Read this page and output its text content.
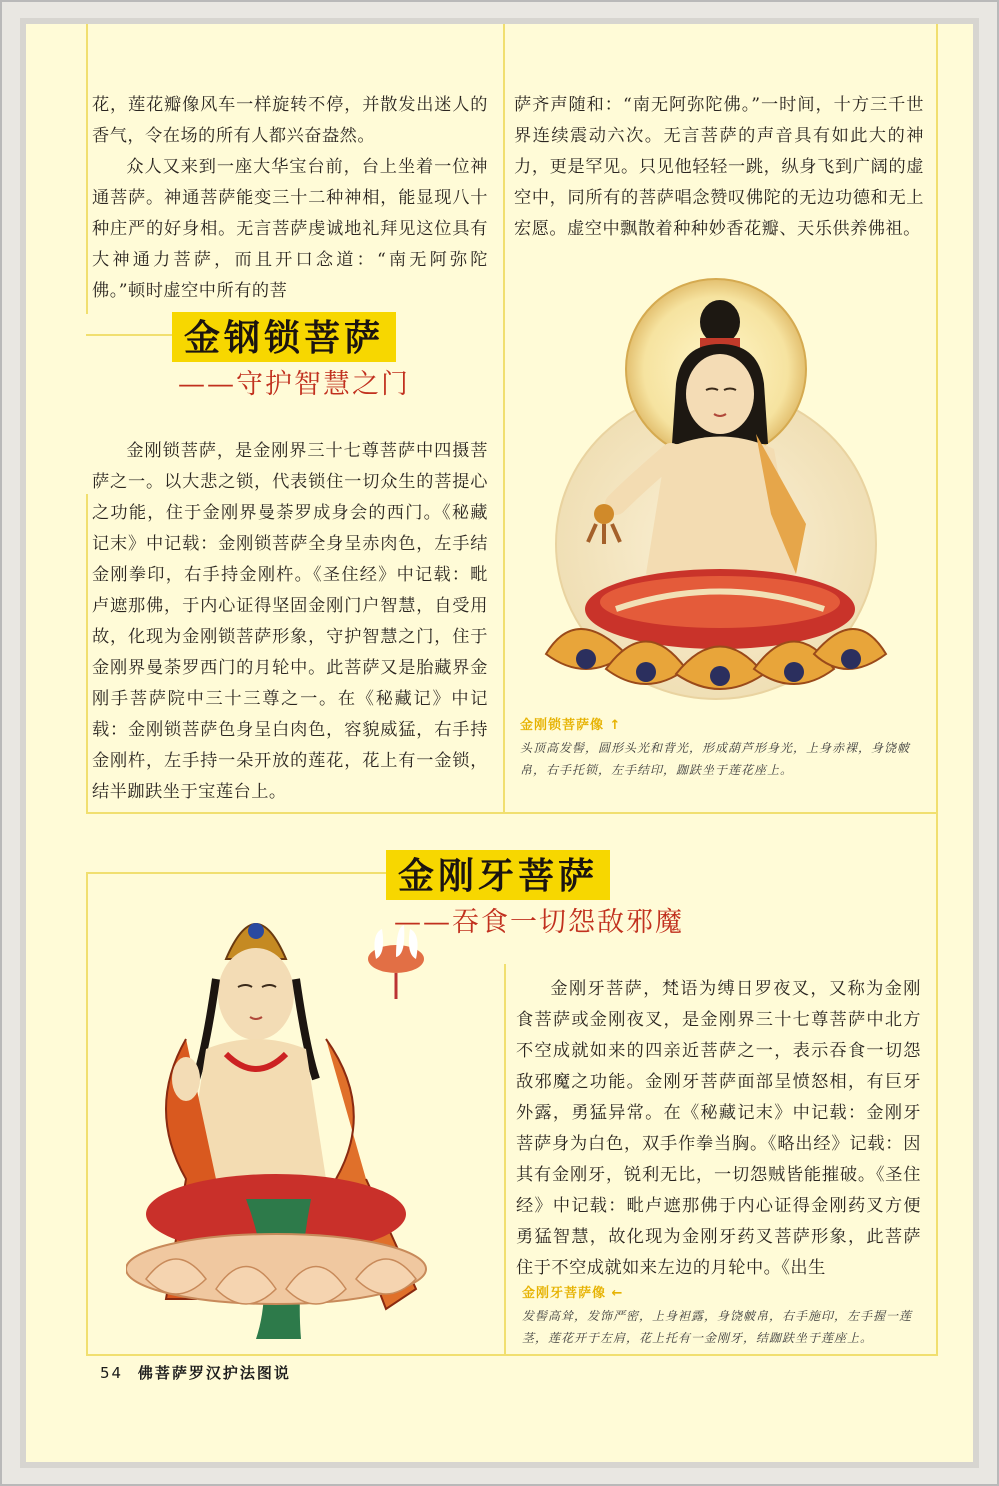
花，莲花瓣像风车一样旋转不停，并散发出迷人的香气，令在场的所有人都兴奋盎然。

众人又来到一座大华宝台前，台上坐着一位神通菩萨。神通菩萨能变三十二种神相，能显现八十种庄严的好身相。无言菩萨虔诚地礼拜见这位具有大神通力菩萨，而且开口念道：“南无阿弥陀佛。”顿时虚空中所有的菩

萨齐声随和：“南无阿弥陀佛。”一时间，十方三千世界连续震动六次。无言菩萨的声音具有如此大的神力，更是罕见。只见他轻轻一跳，纵身飞到广阔的虚空中，同所有的菩萨唱念赞叹佛陀的无边功德和无上宏愿。虚空中飘散着种种妙香花瓣、天乐供养佛祖。

金钢锁菩萨
——守护智慧之门

金刚锁菩萨，是金刚界三十七尊菩萨中四摄菩萨之一。以大悲之锁，代表锁住一切众生的菩提心之功能，住于金刚界曼荼罗成身会的西门。《秘藏记末》中记载：金刚锁菩萨全身呈赤肉色，左手结金刚拳印，右手持金刚杵。《圣住经》中记载：毗卢遮那佛，于内心证得坚固金刚门户智慧，自受用故，化现为金刚锁菩萨形象，守护智慧之门，住于金刚界曼荼罗西门的月轮中。此菩萨又是胎藏界金刚手菩萨院中三十三尊之一。在《秘藏记》中记载：金刚锁菩萨色身呈白肉色，容貌威猛，右手持金刚杵，左手持一朵开放的莲花，花上有一金锁，结半跏趺坐于宝莲台上。

金刚锁菩萨像 ↑

头顶高发髻，圆形头光和背光，形成葫芦形身光，上身赤裸，身饶帔帛，右手托锁，左手结印，跏趺坐于莲花座上。

金刚牙菩萨
——吞食一切怨敌邪魔

金刚牙菩萨，梵语为缚日罗夜叉，又称为金刚食菩萨或金刚夜叉，是金刚界三十七尊菩萨中北方不空成就如来的四亲近菩萨之一，表示吞食一切怨敌邪魔之功能。金刚牙菩萨面部呈愤怒相，有巨牙外露，勇猛异常。在《秘藏记末》中记载：金刚牙菩萨身为白色，双手作拳当胸。《略出经》记载：因其有金刚牙，锐利无比，一切怨贼皆能摧破。《圣住经》中记载：毗卢遮那佛于内心证得金刚药叉方便勇猛智慧，故化现为金刚牙药叉菩萨形象，此菩萨住于不空成就如来左边的月轮中。《出生

金刚牙菩萨像 ←

发髻高耸，发饰严密，上身袒露，身饶帔帛，右手施印，左手握一莲茎，莲花开于左肩，花上托有一金刚牙，结跏趺坐于莲座上。

54 佛菩萨罗汉护法图说
